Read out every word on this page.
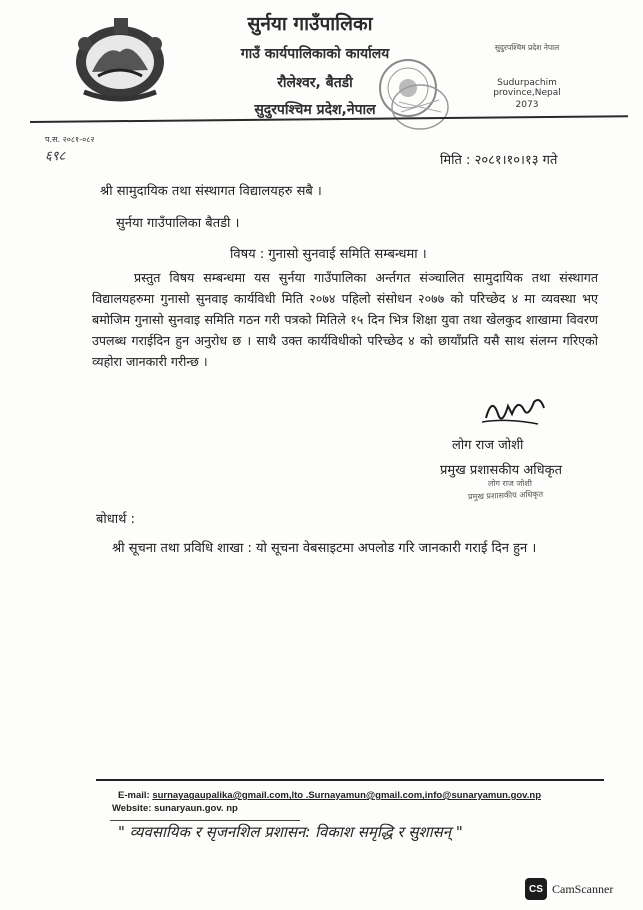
सुर्नया गाउँपालिका
गाउँ कार्यपालिकाको कार्यालय
रौलेश्वर, बैतडी
सुदुरपश्चिम प्रदेश,नेपाल
सुदुरपश्चिम प्रदेश नेपाल
Sudurpachim province,Nepal
2073
प.स. २०८१-०८२
६९८	मिति : २०८१।१०।१३ गते
श्री सामुदायिक तथा संस्थागत विद्यालयहरु सबै ।
सुर्नया गाउँपालिका बैतडी ।
विषय : गुनासो सुनवाई समिति सम्बन्धमा ।
प्रस्तुत विषय सम्बन्धमा यस सुर्नया गाउँपालिका अर्न्तगत संञ्चालित सामुदायिक तथा संस्थागत विद्यालयहरुमा गुनासो सुनवाइ कार्यविधी मिति २०७४ पहिलो संसोधन २०७७ को परिच्छेद ४ मा व्यवस्था भए बमोजिम गुनासो सुनवाइ समिति गठन गरी पत्रको मितिले १५ दिन भित्र शिक्षा युवा तथा खेलकुद शाखामा विवरण उपलब्ध गराईदिन हुन अनुरोध छ । साथै उक्त कार्यविधीको परिच्छेद ४ को छायाँप्रति यसै साथ संलग्न गरिएको व्यहोरा जानकारी गरीन्छ ।
लोग राज जोशी
प्रमुख प्रशासकीय अधिकृत
लोग राज जोशी
प्रमुख प्रशासकीय अधिकृत
बोधार्थ :
श्री सूचना तथा प्रविधि शाखा : यो सूचना वेबसाइटमा अपलोड गरि जानकारी गराई दिन हुन ।
E-mail: surnayagaupalika@gmail.com,lto .Surnayamun@gmail.com,info@sunaryamun.gov.np
Website: sunaryaun.gov. np
" व्यवसायिक र सृजनशिल प्रशासन: विकाश समृद्धि र सुशासन् "
CS CamScanner
